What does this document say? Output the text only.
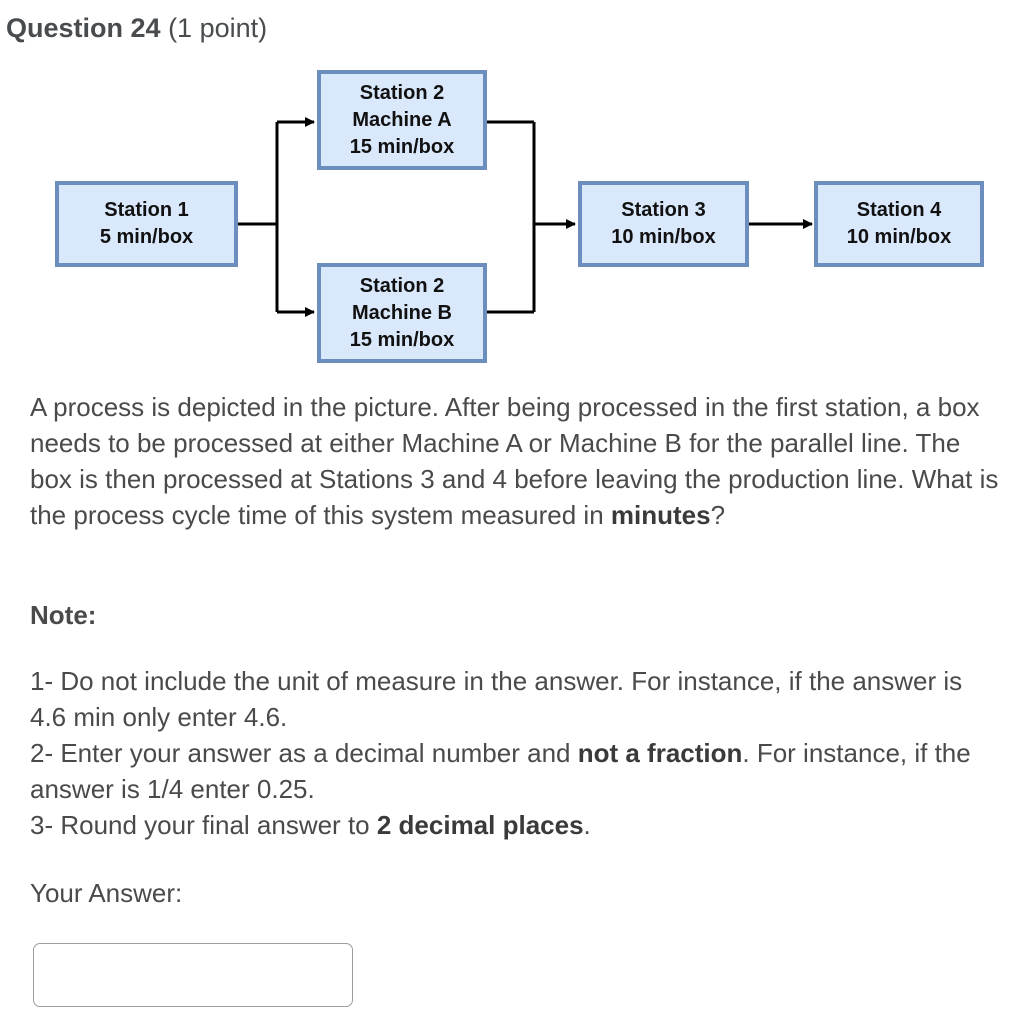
Question 24 (1 point)
Station 1
5 min/box
Station 2
Machine A
15 min/box
Station 2
Machine B
15 min/box
Station 3
10 min/box
Station 4
10 min/box

A process is depicted in the picture. After being processed in the first station, a box needs to be processed at either Machine A or Machine B for the parallel line. The box is then processed at Stations 3 and 4 before leaving the production line. What is the process cycle time of this system measured in minutes?

Note:
1- Do not include the unit of measure in the answer. For instance, if the answer is 4.6 min only enter 4.6.
2- Enter your answer as a decimal number and not a fraction. For instance, if the answer is 1/4 enter 0.25.
3- Round your final answer to 2 decimal places.
Your Answer:
